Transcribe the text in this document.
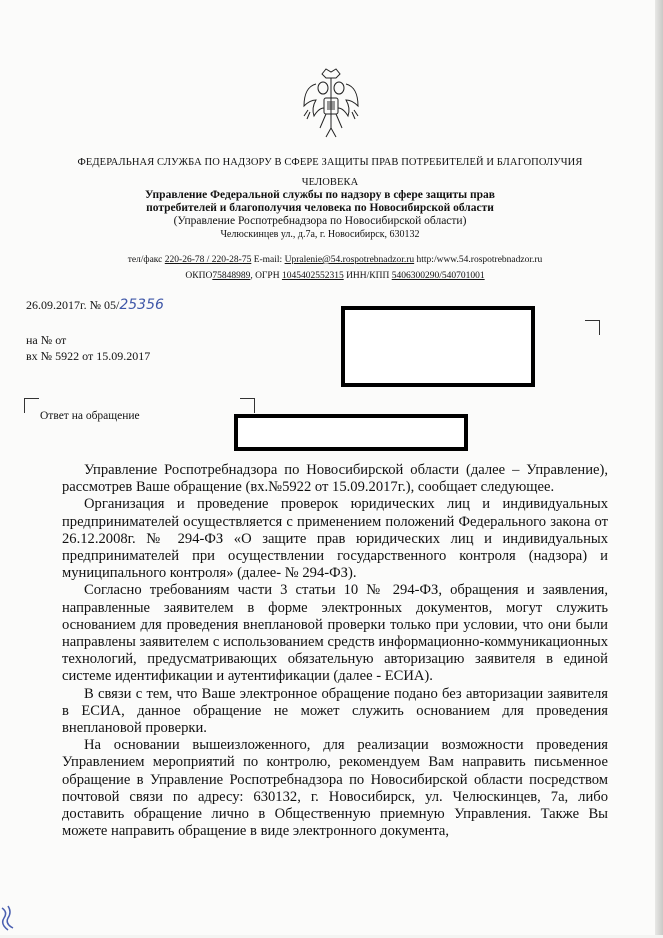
ФЕДЕРАЛЬНАЯ СЛУЖБА ПО НАДЗОРУ В СФЕРЕ ЗАЩИТЫ ПРАВ ПОТРЕБИТЕЛЕЙ И БЛАГОПОЛУЧИЯ
ЧЕЛОВЕКА
Управление Федеральной службы по надзору в сфере защиты прав
потребителей и благополучия человека по Новосибирской области
(Управление Роспотребнадзора по Новосибирской области)
Челюскинцев ул., д.7а, г. Новосибирск, 630132
тел/факс 220-26-78 / 220-28-75 E-mail: Upralenie@54.rospotrebnadzor.ru http:/www.54.rospotrebnadzor.ru
ОКПО75848989, ОГРН 1045402552315 ИНН/КПП 5406300290/540701001
26.09.2017г. № 05/25356
на № от
вх № 5922 от 15.09.2017
Ответ на обращение

Управление Роспотребнадзора по Новосибирской области (далее – Управление), рассмотрев Ваше обращение (вх.№5922 от 15.09.2017г.), сообщает следующее.

Организация и проведение проверок юридических лиц и индивидуальных предпринимателей осуществляется с применением положений Федерального закона от 26.12.2008г. № 294-ФЗ «О защите прав юридических лиц и индивидуальных предпринимателей при осуществлении государственного контроля (надзора) и муниципального контроля» (далее- № 294-ФЗ).

Согласно требованиям части 3 статьи 10 № 294-ФЗ, обращения и заявления, направленные заявителем в форме электронных документов, могут служить основанием для проведения внеплановой проверки только при условии, что они были направлены заявителем с использованием средств информационно-коммуникационных технологий, предусматривающих обязательную авторизацию заявителя в единой системе идентификации и аутентификации (далее - ЕСИА).

В связи с тем, что Ваше электронное обращение подано без авторизации заявителя в ЕСИА, данное обращение не может служить основанием для проведения внеплановой проверки.

На основании вышеизложенного, для реализации возможности проведения Управлением мероприятий по контролю, рекомендуем Вам направить письменное обращение в Управление Роспотребнадзора по Новосибирской области посредством почтовой связи по адресу: 630132, г. Новосибирск, ул. Челюскинцев, 7а, либо доставить обращение лично в Общественную приемную Управления. Также Вы можете направить обращение в виде электронного документа,
